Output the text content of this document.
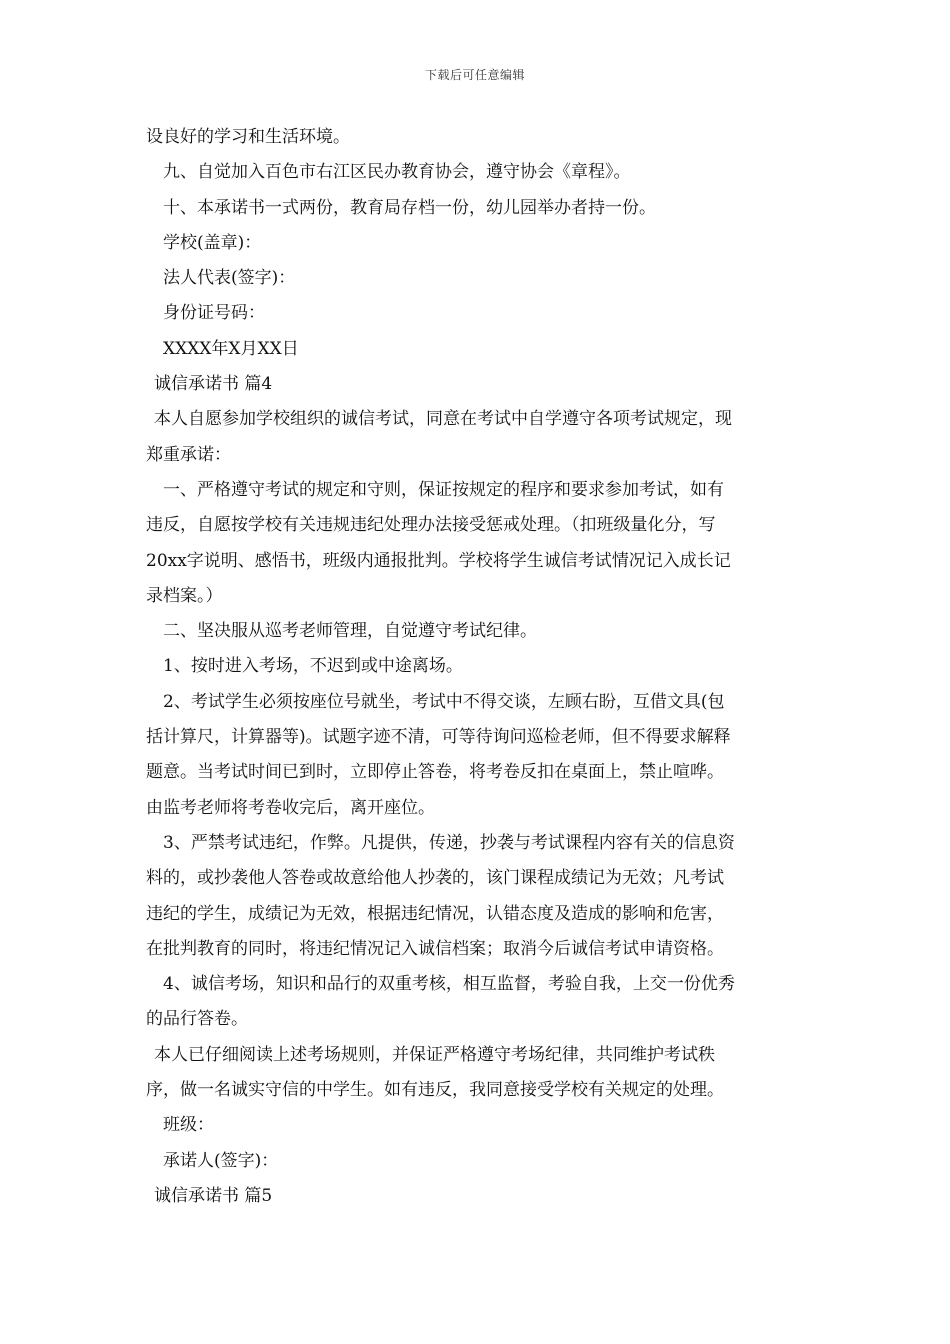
下载后可任意编辑
设良好的学习和生活环境。
九、自觉加入百色市右江区民办教育协会，遵守协会《章程》。
十、本承诺书一式两份，教育局存档一份，幼儿园举办者持一份。
学校(盖章)：
法人代表(签字)：
身份证号码：
XXXX年X月XX日
诚信承诺书 篇4
本人自愿参加学校组织的诚信考试，同意在考试中自学遵守各项考试规定，现
郑重承诺：
一、严格遵守考试的规定和守则，保证按规定的程序和要求参加考试，如有
违反，自愿按学校有关违规违纪处理办法接受惩戒处理。（扣班级量化分，写
20xx字说明、感悟书，班级内通报批判。学校将学生诚信考试情况记入成长记
录档案。）
二、坚决服从巡考老师管理，自觉遵守考试纪律。
1、按时进入考场，不迟到或中途离场。
2、考试学生必须按座位号就坐，考试中不得交谈，左顾右盼，互借文具(包
括计算尺，计算器等)。试题字迹不清，可等待询问巡检老师，但不得要求解释
题意。当考试时间已到时，立即停止答卷，将考卷反扣在桌面上，禁止喧哗。
由监考老师将考卷收完后，离开座位。
3、严禁考试违纪，作弊。凡提供，传递，抄袭与考试课程内容有关的信息资
料的，或抄袭他人答卷或故意给他人抄袭的，该门课程成绩记为无效；凡考试
违纪的学生，成绩记为无效，根据违纪情况，认错态度及造成的影响和危害，
在批判教育的同时，将违纪情况记入诚信档案；取消今后诚信考试申请资格。
4、诚信考场，知识和品行的双重考核，相互监督，考验自我，上交一份优秀
的品行答卷。
本人已仔细阅读上述考场规则，并保证严格遵守考场纪律，共同维护考试秩
序，做一名诚实守信的中学生。如有违反，我同意接受学校有关规定的处理。
班级：
承诺人(签字)：
诚信承诺书 篇5
